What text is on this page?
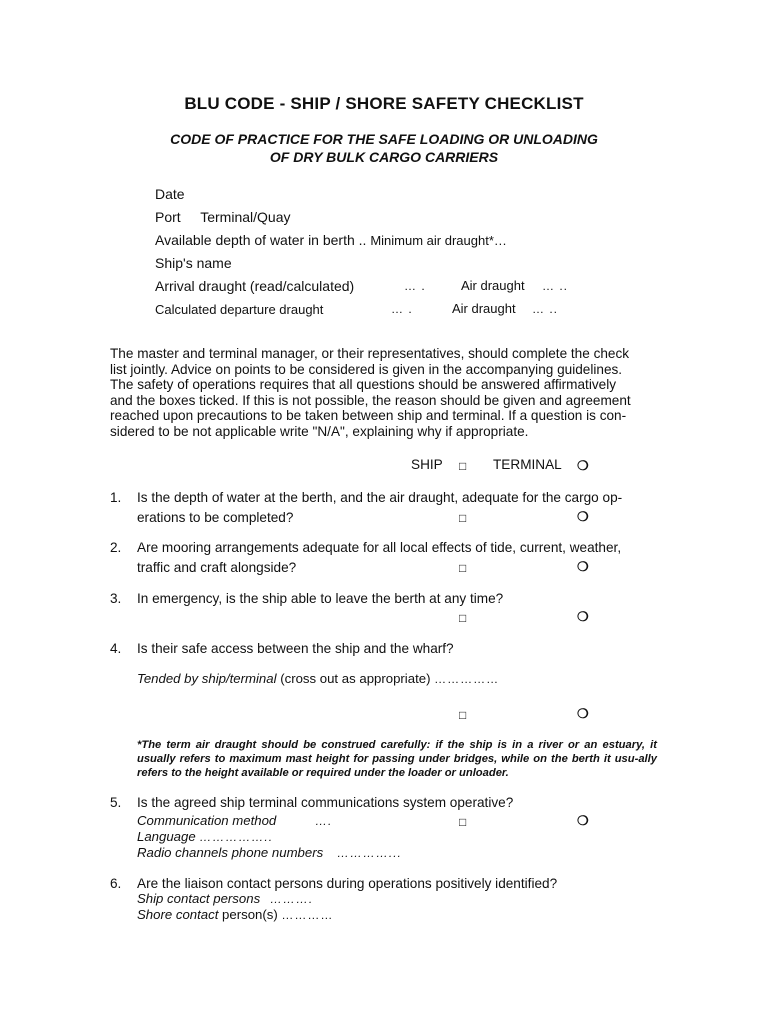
BLU CODE - SHIP / SHORE SAFETY CHECKLIST
CODE OF PRACTICE FOR THE SAFE LOADING OR UNLOADING
OF DRY BULK CARGO CARRIERS
Date
Port Terminal/Quay
Available depth of water in berth .. Minimum air draught*…
Ship's name
Arrival draught (read/calculated)	… .	Air draught … ..
Calculated departure draught	… .	Air draught … ..

The master and terminal manager, or their representatives, should complete the check

list jointly. Advice on points to be considered is given in the accompanying guidelines.

The safety of operations requires that all questions should be answered affirmatively

and the boxes ticked. If this is not possible, the reason should be given and agreement

reached upon precautions to be taken between ship and terminal. If a question is con-

sidered to be not applicable write "N/A", explaining why if appropriate.

SHIP □ TERMINAL ❍
1.	Is the depth of water at the berth, and the air draught, adequate for the cargo op-
erations to be completed?	□	❍
2.	Are mooring arrangements adequate for all local effects of tide, current, weather,
traffic and craft alongside?	□	❍
3.	In emergency, is the ship able to leave the berth at any time?
□	❍
4.	Is their safe access between the ship and the wharf?
Tended by ship/terminal (cross out as appropriate) ……………
□	❍
*The term air draught should be construed carefully: if the ship is in a river or an estuary, it usually refers to maximum mast height for passing under bridges, while on the berth it usu-ally refers to the height available or required under the loader or unloader.
5.	Is the agreed ship terminal communications system operative?
Communication method	….	□	❍
Language ……………..
Radio channels phone numbers …………...
6.	Are the liaison contact persons during operations positively identified?
Ship contact persons ……….
Shore contact person(s) …………
